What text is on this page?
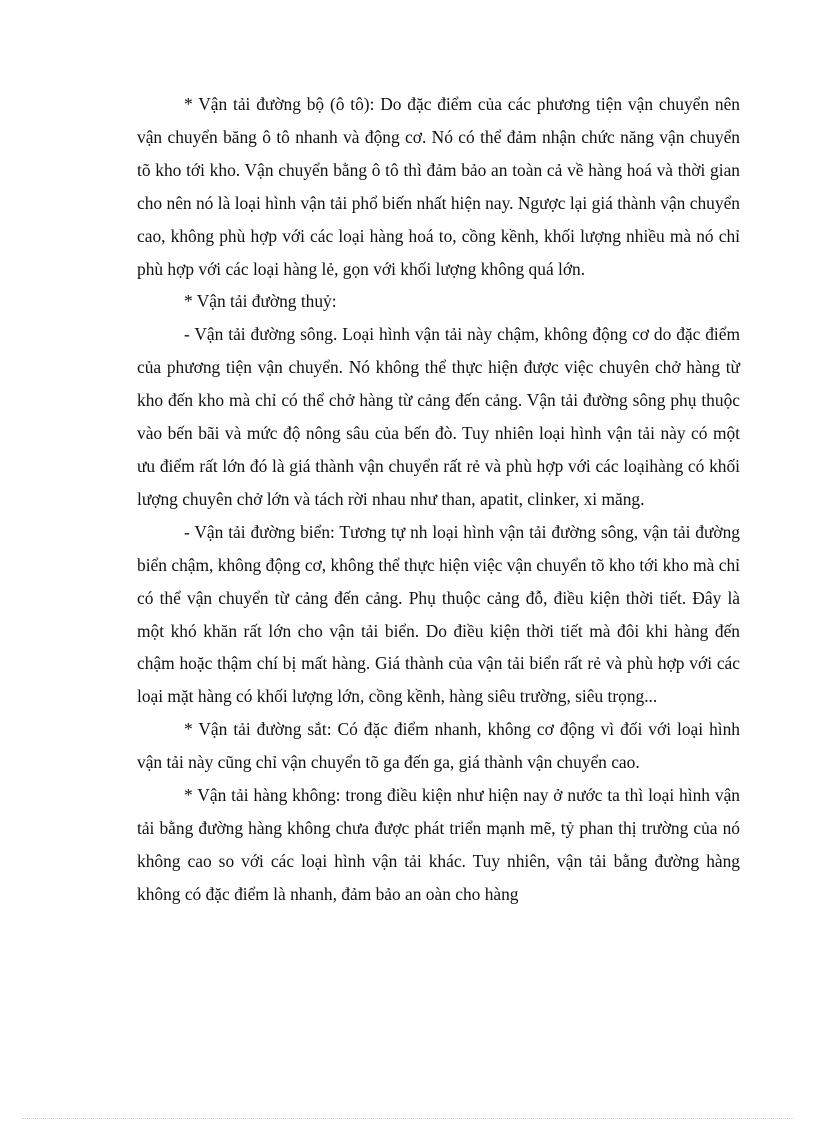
* Vận tải đường bộ (ô tô): Do đặc điểm của các phương tiện vận chuyển nên vận chuyển băng ô tô nhanh và động cơ. Nó có thể đảm nhận chức năng vận chuyển tõ kho tới kho. Vận chuyển bằng ô tô thì đảm bảo an toàn cả về hàng hoá và thời gian cho nên nó là loại hình vận tải phổ biến nhất hiện nay. Ngược lại giá thành vận chuyển cao, không phù hợp với các loại hàng hoá to, cồng kềnh, khối lượng nhiều mà nó chỉ phù hợp với các loại hàng lẻ, gọn với khối lượng không quá lớn.

* Vận tải đường thuỷ:

- Vận tải đường sông. Loại hình vận tải này chậm, không động cơ do đặc điểm của phương tiện vận chuyển. Nó không thể thực hiện được việc chuyên chở hàng từ kho đến kho mà chỉ có thể chở hàng từ cảng đến cảng. Vận tải đường sông phụ thuộc vào bến bãi và mức độ nông sâu của bến đò. Tuy nhiên loại hình vận tải này có một ưu điểm rất lớn đó là giá thành vận chuyển rất rẻ và phù hợp với các loạihàng có khối lượng chuyên chở lớn và tách rời nhau như than, apatit, clinker, xi măng.

- Vận tải đường biển: Tương tự nh loại hình vận tải đường sông, vận tải đường biển chậm, không động cơ, không thể thực hiện việc vận chuyển tõ kho tới kho mà chỉ có thể vận chuyển từ cảng đến cảng. Phụ thuộc cảng đỗ, điều kiện thời tiết. Đây là một khó khăn rất lớn cho vận tải biển. Do điều kiện thời tiết mà đôi khi hàng đến chậm hoặc thậm chí bị mất hàng. Giá thành của vận tải biển rất rẻ và phù hợp với các loại mặt hàng có khối lượng lớn, cồng kềnh, hàng siêu trường, siêu trọng...

* Vận tải đường sắt: Có đặc điểm nhanh, không cơ động vì đối với loại hình vận tải này cũng chỉ vận chuyển tõ ga đến ga, giá thành vận chuyển cao.

* Vận tải hàng không: trong điều kiện như hiện nay ở nước ta thì loại hình vận tải bằng đường hàng không chưa được phát triển mạnh mẽ, tỷ phan thị trường của nó không cao so với các loại hình vận tải khác. Tuy nhiên, vận tải bằng đường hàng không có đặc điểm là nhanh, đảm bảo an oàn cho hàng
